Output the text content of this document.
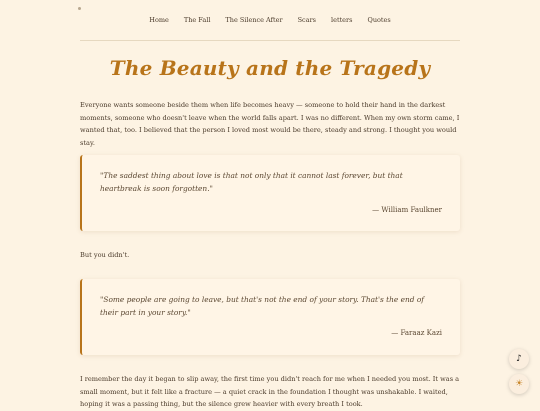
Home The Fall The Silence After Scars letters Quotes
The Beauty and the Tragedy

Everyone wants someone beside them when life becomes heavy — someone to hold their hand in the darkest moments, someone who doesn't leave when the world falls apart. I was no different. When my own storm came, I wanted that, too. I believed that the person I loved most would be there, steady and strong. I thought you would stay.

"The saddest thing about love is that not only that it cannot last forever, but that heartbreak is soon forgotten."

— William Faulkner

But you didn't.

"Some people are going to leave, but that's not the end of your story. That's the end of their part in your story."

— Faraaz Kazi

I remember the day it began to slip away, the first time you didn't reach for me when I needed you most. It was a small moment, but it felt like a fracture — a quiet crack in the foundation I thought was unshakable. I waited, hoping it was a passing thing, but the silence grew heavier with every breath I took.

♪
☀
